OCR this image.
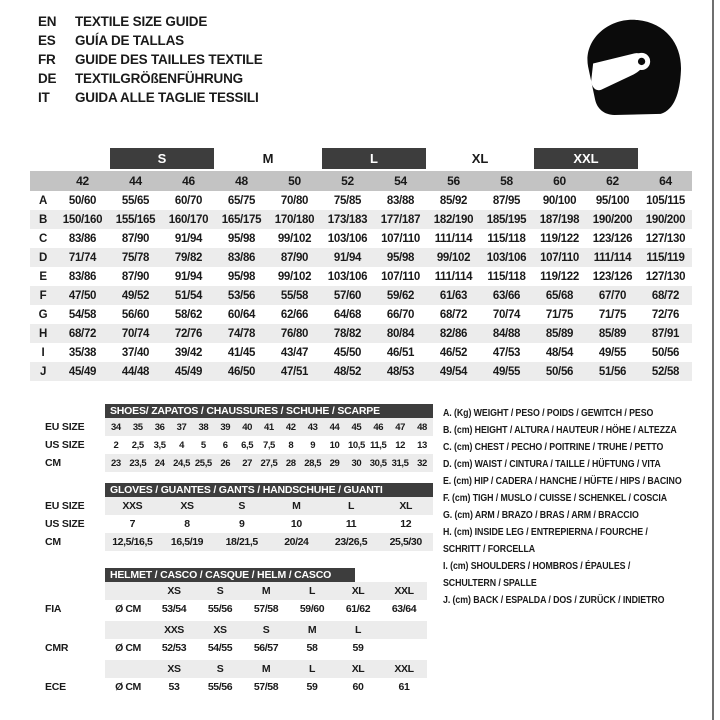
EN	TEXTILE SIZE GUIDE
ES	GUÍA DE TALLAS
FR	GUIDE DES TAILLES TEXTILE
DE	TEXTILGRÖßENFÜHRUNG
IT	GUIDA ALLE TAGLIE TESSILI

		S		M		L		XL		XXL		

	42	44	46	48	50	52	54	56	58	60	62	64
A	50/60	55/65	60/70	65/75	70/80	75/85	83/88	85/92	87/95	90/100	95/100	105/115
B	150/160	155/165	160/170	165/175	170/180	173/183	177/187	182/190	185/195	187/198	190/200	190/200
C	83/86	87/90	91/94	95/98	99/102	103/106	107/110	111/114	115/118	119/122	123/126	127/130
D	71/74	75/78	79/82	83/86	87/90	91/94	95/98	99/102	103/106	107/110	111/114	115/119
E	83/86	87/90	91/94	95/98	99/102	103/106	107/110	111/114	115/118	119/122	123/126	127/130
F	47/50	49/52	51/54	53/56	55/58	57/60	59/62	61/63	63/66	65/68	67/70	68/72
G	54/58	56/60	58/62	60/64	62/66	64/68	66/70	68/72	70/74	71/75	71/75	72/76
H	68/72	70/74	72/76	74/78	76/80	78/82	80/84	82/86	84/88	85/89	85/89	87/91
I	35/38	37/40	39/42	41/45	43/47	45/50	46/51	46/52	47/53	48/54	49/55	50/56
J	45/49	44/48	45/49	46/50	47/51	48/52	48/53	49/54	49/55	50/56	51/56	52/58
SHOES/ ZAPATOS / CHAUSSURES / SCHUHE / SCARPE
EU SIZE	34	35	36	37	38	39	40	41	42	43	44	45	46	47	48
US SIZE	2	2,5	3,5	4	5	6	6,5	7,5	8	9	10 10,5 11,5 12	13
CM	23 23,5 24 24,5 25,5 26	27 27,5 28 28,5 29	30 30,5 31,5 32
GLOVES / GUANTES / GANTS / HANDSCHUHE / GUANTI
EU SIZE	XXS	XS	S	M	L	XL
US SIZE	7	8	9	10	11	12
CM	12,5/16,5	16,5/19	18/21,5	20/24	23/26,5	25,5/30
HELMET / CASCO / CASQUE / HELM / CASCO
XS	S	M	L	XL	XXL
FIA	Ø CM	53/54	55/56	57/58	59/60	61/62	63/64
XXS	XS	S	M	L
CMR	Ø CM	52/53	54/55	56/57	58	59
XS	S	M	L	XL	XXL
ECE	Ø CM	53	55/56	57/58	59	60	61
A. (Kg) WEIGHT / PESO / POIDS / GEWITCH / PESO
B. (cm) HEIGHT / ALTURA / HAUTEUR / HÖHE / ALTEZZA
C. (cm) CHEST / PECHO / POITRINE / TRUHE / PETTO
D. (cm) WAIST / CINTURA / TAILLE / HÜFTUNG / VITA
E. (cm) HIP / CADERA / HANCHE / HÜFTE / HIPS / BACINO
F. (cm) TIGH / MUSLO / CUISSE / SCHENKEL / COSCIA
G. (cm) ARM / BRAZO / BRAS / ARM / BRACCIO
H. (cm) INSIDE LEG / ENTREPIERNA / FOURCHE /
SCHRITT / FORCELLA
I. (cm) SHOULDERS / HOMBROS / ÉPAULES /
SCHULTERN / SPALLE
J. (cm) BACK / ESPALDA / DOS / ZURÜCK / INDIETRO
